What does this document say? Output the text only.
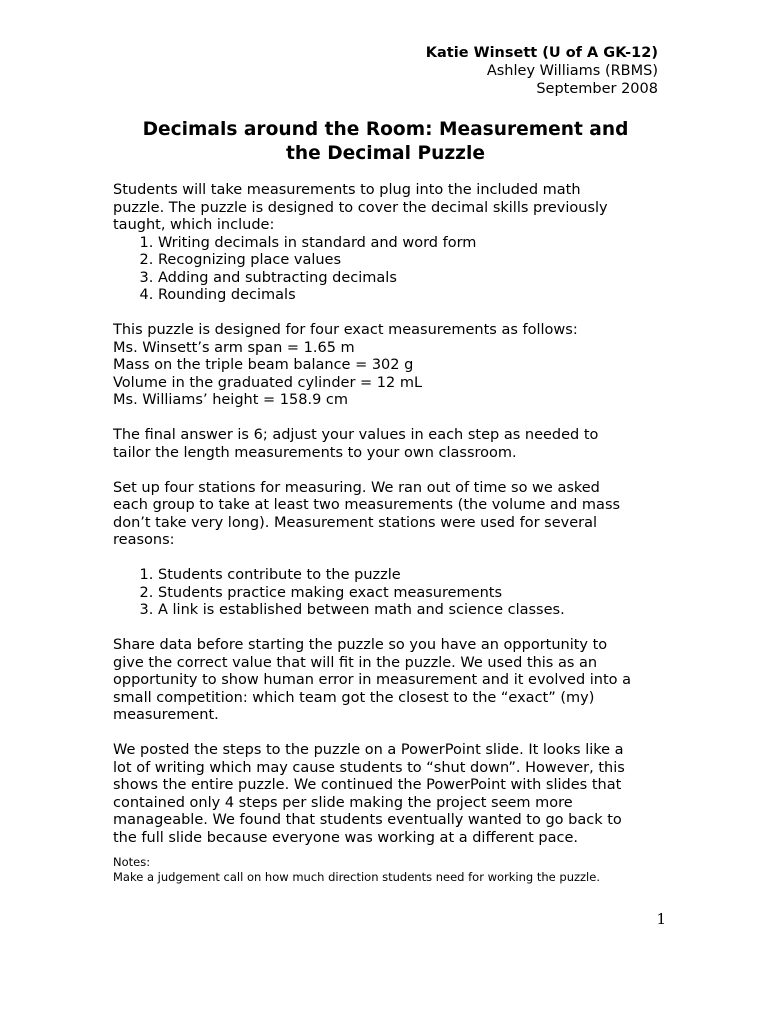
Katie Winsett (U of A GK-12)
Ashley Williams (RBMS)
September 2008
Decimals around the Room: Measurement and
the Decimal Puzzle

Students will take measurements to plug into the included math
puzzle. The puzzle is designed to cover the decimal skills previously
taught, which include:

1. Writing decimals in standard and word form
2. Recognizing place values
3. Adding and subtracting decimals
4. Rounding decimals

This puzzle is designed for four exact measurements as follows:
Ms. Winsett’s arm span = 1.65 m
Mass on the triple beam balance = 302 g
Volume in the graduated cylinder = 12 mL
Ms. Williams’ height = 158.9 cm

The final answer is 6; adjust your values in each step as needed to
tailor the length measurements to your own classroom.

Set up four stations for measuring. We ran out of time so we asked
each group to take at least two measurements (the volume and mass
don’t take very long). Measurement stations were used for several
reasons:

1. Students contribute to the puzzle
2. Students practice making exact measurements
3. A link is established between math and science classes.

Share data before starting the puzzle so you have an opportunity to
give the correct value that will fit in the puzzle. We used this as an
opportunity to show human error in measurement and it evolved into a
small competition: which team got the closest to the “exact” (my)
measurement.

We posted the steps to the puzzle on a PowerPoint slide. It looks like a
lot of writing which may cause students to “shut down”. However, this
shows the entire puzzle. We continued the PowerPoint with slides that
contained only 4 steps per slide making the project seem more
manageable. We found that students eventually wanted to go back to
the full slide because everyone was working at a different pace.

Notes:
Make a judgement call on how much direction students need for working the puzzle.
1
